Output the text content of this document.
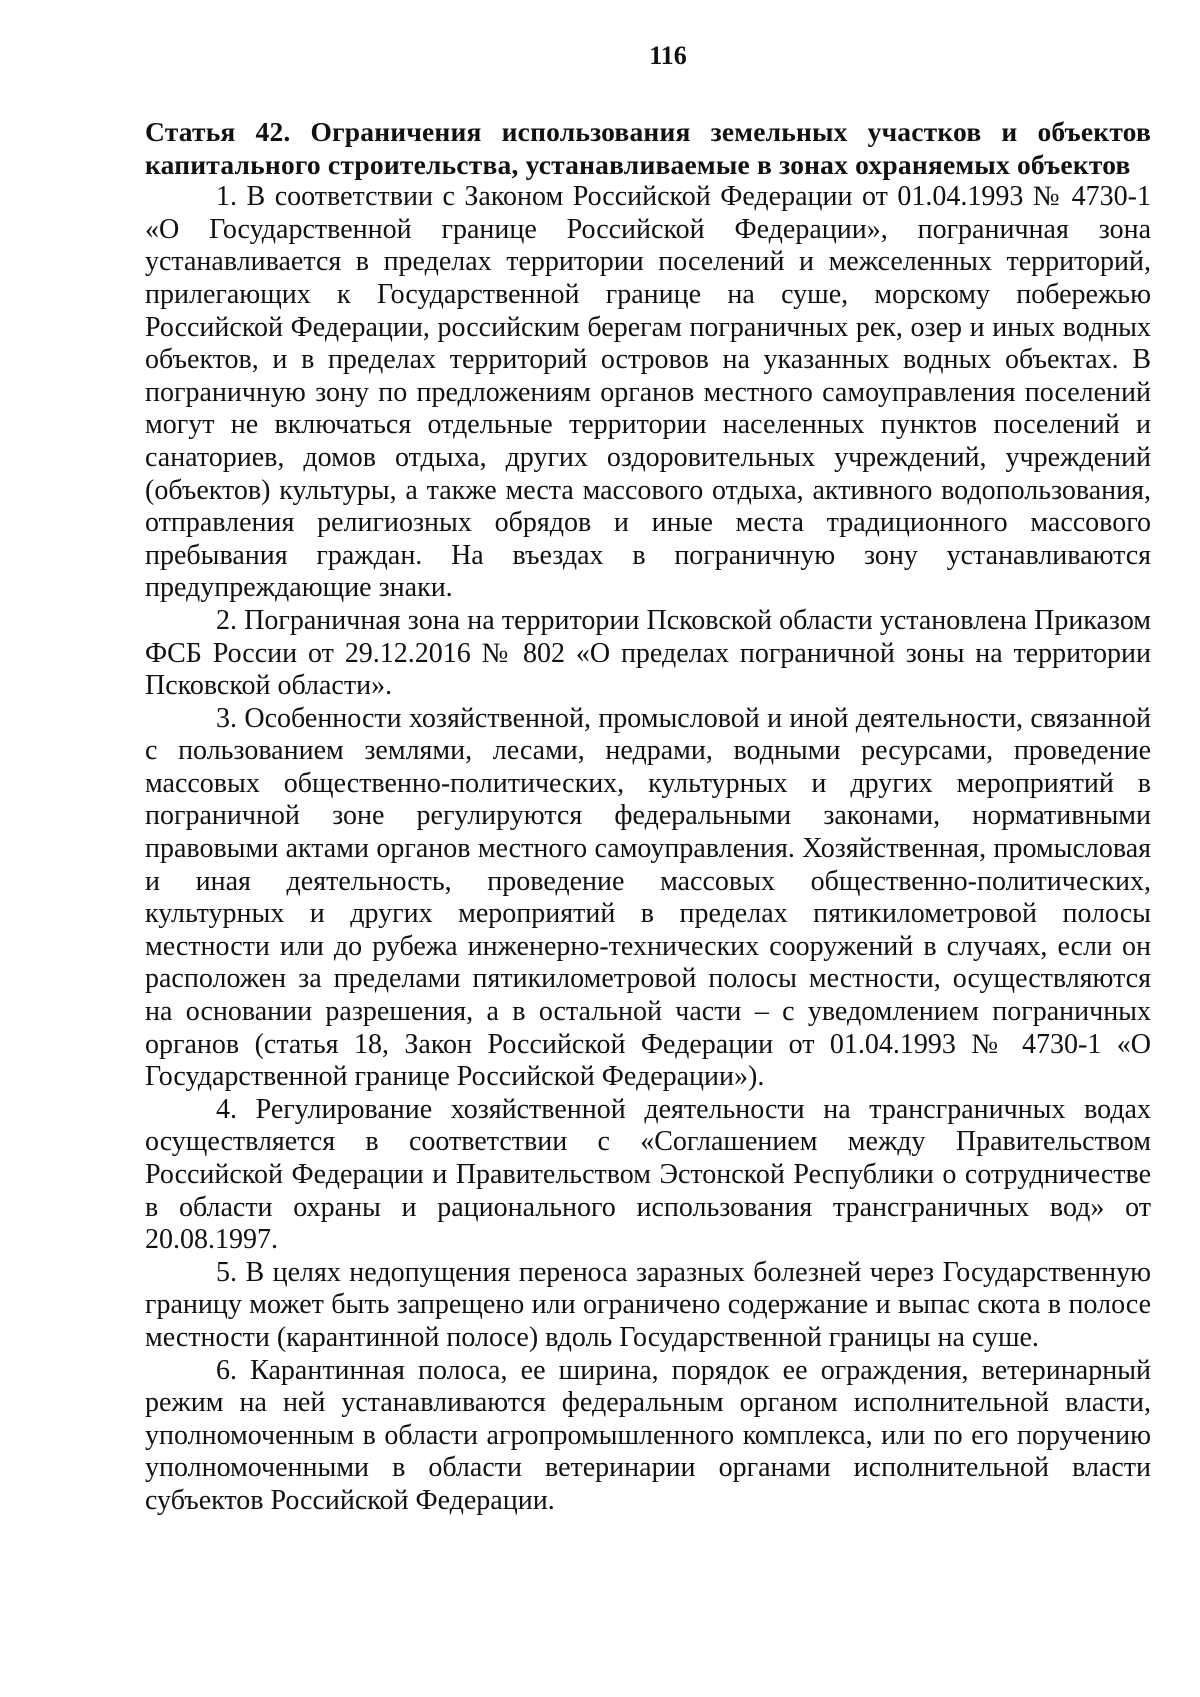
116

Статья 42. Ограничения использования земельных участков и объектов капитального строительства, устанавливаемые в зонах охраняемых объектов

1. В соответствии с Законом Российской Федерации от 01.04.1993 № 4730-1 «О Государственной границе Российской Федерации», пограничная зона устанавливается в пределах территории поселений и межселенных территорий, прилегающих к Государственной границе на суше, морскому побережью Российской Федерации, российским берегам пограничных рек, озер и иных водных объектов, и в пределах территорий островов на указанных водных объектах. В пограничную зону по предложениям органов местного самоуправления поселений могут не включаться отдельные территории населенных пунктов поселений и санаториев, домов отдыха, других оздоровительных учреждений, учреждений (объектов) культуры, а также места массового отдыха, активного водопользования, отправления религиозных обрядов и иные места традиционного массового пребывания граждан. На въездах в пограничную зону устанавливаются предупреждающие знаки.

2. Пограничная зона на территории Псковской области установлена Приказом ФСБ России от 29.12.2016 № 802 «О пределах пограничной зоны на территории Псковской области».

3. Особенности хозяйственной, промысловой и иной деятельности, связанной с пользованием землями, лесами, недрами, водными ресурсами, проведение массовых общественно-политических, культурных и других мероприятий в пограничной зоне регулируются федеральными законами, нормативными правовыми актами органов местного самоуправления. Хозяйственная, промысловая и иная деятельность, проведение массовых общественно-политических, культурных и других мероприятий в пределах пятикилометровой полосы местности или до рубежа инженерно-технических сооружений в случаях, если он расположен за пределами пятикилометровой полосы местности, осуществляются на основании разрешения, а в остальной части – с уведомлением пограничных органов (статья 18, Закон Российской Федерации от 01.04.1993 № 4730-1 «О Государственной границе Российской Федерации»).

4. Регулирование хозяйственной деятельности на трансграничных водах осуществляется в соответствии с «Соглашением между Правительством Российской Федерации и Правительством Эстонской Республики о сотрудничестве в области охраны и рационального использования трансграничных вод» от 20.08.1997.

5. В целях недопущения переноса заразных болезней через Государственную границу может быть запрещено или ограничено содержание и выпас скота в полосе местности (карантинной полосе) вдоль Государственной границы на суше.

6. Карантинная полоса, ее ширина, порядок ее ограждения, ветеринарный режим на ней устанавливаются федеральным органом исполнительной власти, уполномоченным в области агропромышленного комплекса, или по его поручению уполномоченными в области ветеринарии органами исполнительной власти субъектов Российской Федерации.
